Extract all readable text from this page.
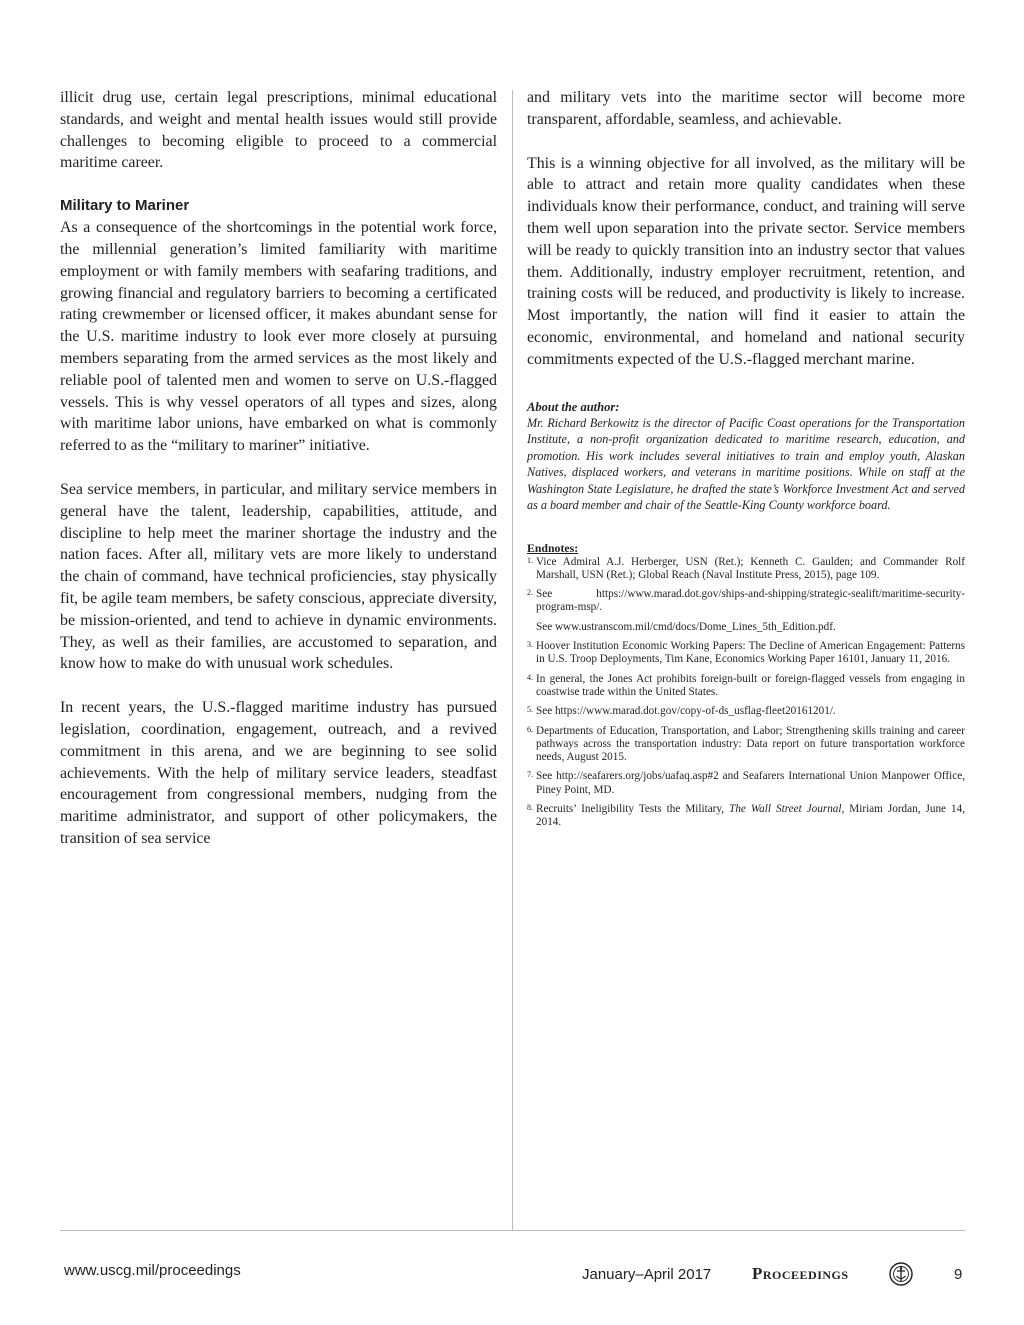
illicit drug use, certain legal prescriptions, minimal educational standards, and weight and mental health issues would still provide challenges to becoming eligible to proceed to a commercial maritime career.

Military to Mariner

As a consequence of the shortcomings in the potential work force, the millennial generation’s limited familiarity with maritime employment or with family members with seafaring traditions, and growing financial and regulatory barriers to becoming a certificated rating crewmember or licensed officer, it makes abundant sense for the U.S. maritime industry to look ever more closely at pursuing members separating from the armed services as the most likely and reliable pool of talented men and women to serve on U.S.-flagged vessels. This is why vessel operators of all types and sizes, along with maritime labor unions, have embarked on what is commonly referred to as the “military to mariner” initiative.

Sea service members, in particular, and military service members in general have the talent, leadership, capabilities, attitude, and discipline to help meet the mariner shortage the industry and the nation faces. After all, military vets are more likely to understand the chain of command, have technical proficiencies, stay physically fit, be agile team members, be safety conscious, appreciate diversity, be mission-oriented, and tend to achieve in dynamic environments. They, as well as their families, are accustomed to separation, and know how to make do with unusual work schedules.

In recent years, the U.S.-flagged maritime industry has pursued legislation, coordination, engagement, outreach, and a revived commitment in this arena, and we are beginning to see solid achievements. With the help of military service leaders, steadfast encouragement from congressional members, nudging from the maritime administrator, and support of other policymakers, the transition of sea service

and military vets into the maritime sector will become more transparent, affordable, seamless, and achievable.

This is a winning objective for all involved, as the military will be able to attract and retain more quality candidates when these individuals know their performance, conduct, and training will serve them well upon separation into the private sector. Service members will be ready to quickly transition into an industry sector that values them. Additionally, industry employer recruitment, retention, and training costs will be reduced, and productivity is likely to increase. Most importantly, the nation will find it easier to attain the economic, environmental, and homeland and national security commitments expected of the U.S.-flagged merchant marine.

About the author:

Mr. Richard Berkowitz is the director of Pacific Coast operations for the Transportation Institute, a non-profit organization dedicated to maritime research, education, and promotion. His work includes several initiatives to train and employ youth, Alaskan Natives, displaced workers, and veterans in maritime positions. While on staff at the Washington State Legislature, he drafted the state’s Workforce Investment Act and served as a board member and chair of the Seattle-King County workforce board.

Endnotes:

1. Vice Admiral A.J. Herberger, USN (Ret.); Kenneth C. Gaulden; and Commander Rolf Marshall, USN (Ret.); Global Reach (Naval Institute Press, 2015), page 109.
2. See https://www.marad.dot.gov/ships-and-shipping/strategic-sealift/maritime-security-program-msp/.
See www.ustranscom.mil/cmd/docs/Dome_Lines_5th_Edition.pdf.
3. Hoover Institution Economic Working Papers: The Decline of American Engagement: Patterns in U.S. Troop Deployments, Tim Kane, Economics Working Paper 16101, January 11, 2016.
4. In general, the Jones Act prohibits foreign-built or foreign-flagged vessels from engaging in coastwise trade within the United States.
5. See https://www.marad.dot.gov/copy-of-ds_usflag-fleet20161201/.
6. Departments of Education, Transportation, and Labor; Strengthening skills training and career pathways across the transportation industry: Data report on future transportation workforce needs, August 2015.
7. See http://seafarers.org/jobs/uafaq.asp#2 and Seafarers International Union Manpower Office, Piney Point, MD.
8. Recruits’ Ineligibility Tests the Military, The Wall Street Journal, Miriam Jordan, June 14, 2014.
www.uscg.mil/proceedings	January–April 2017 Proceedings	9
